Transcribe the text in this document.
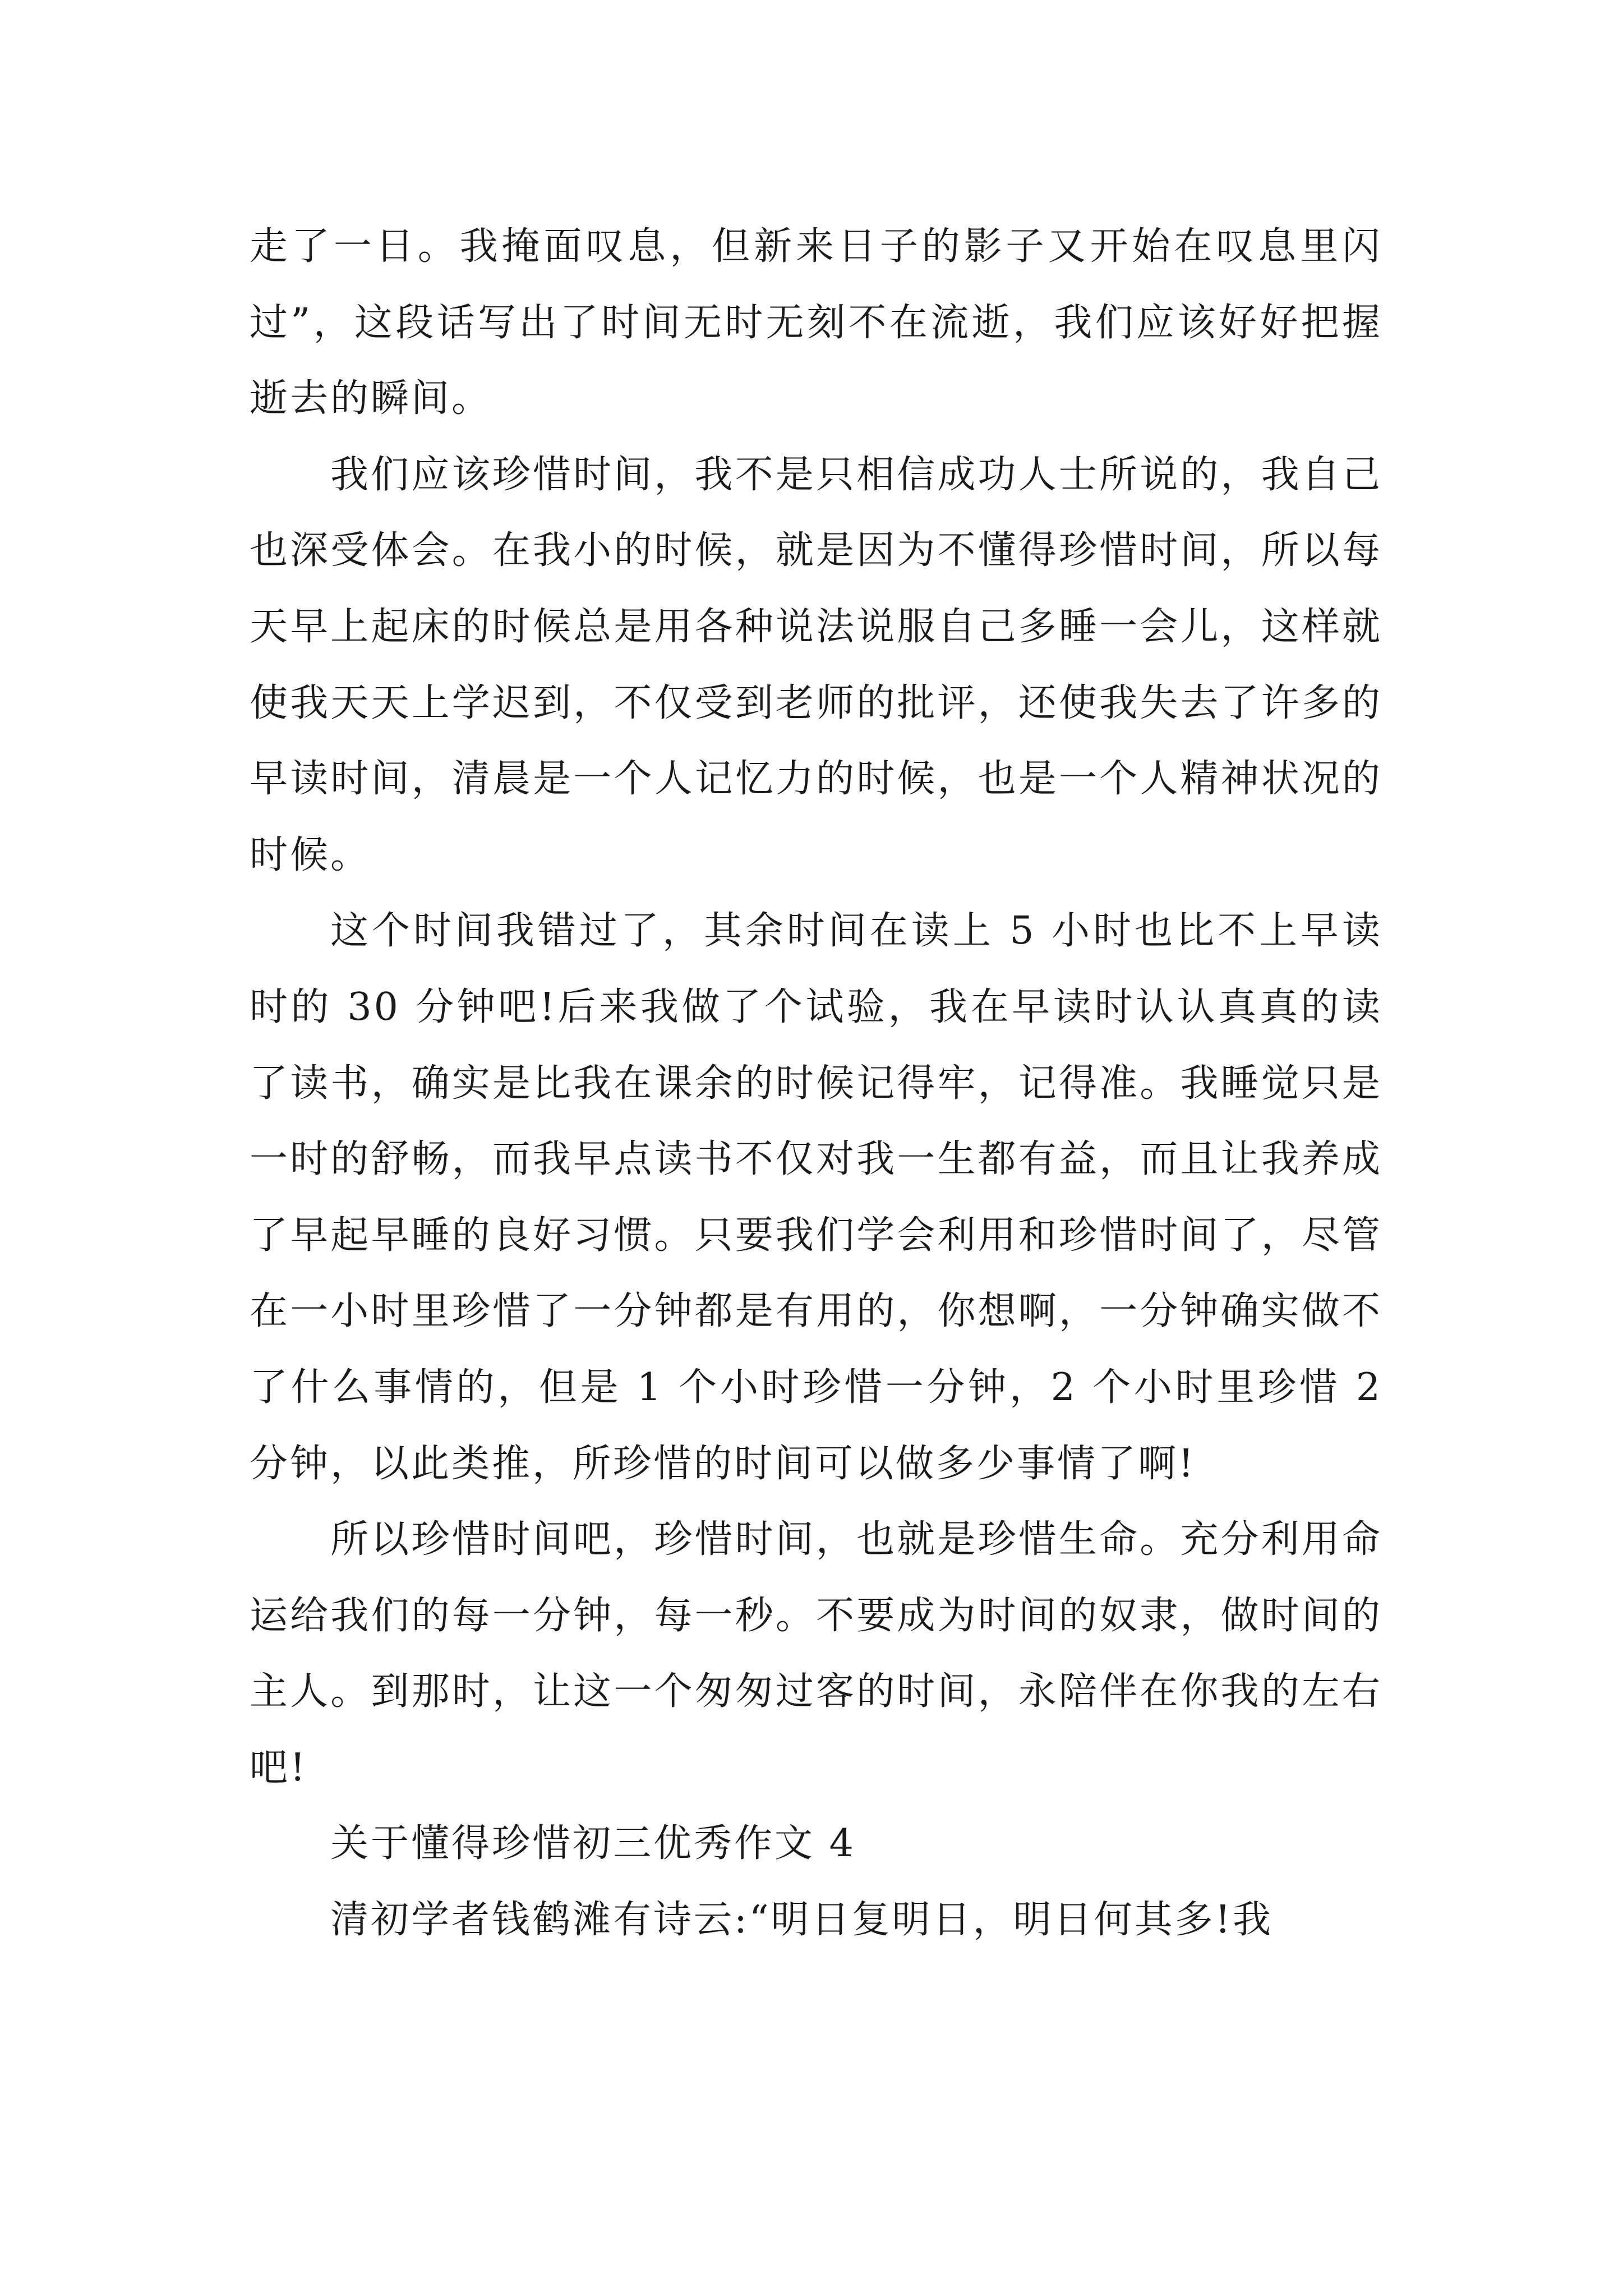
走了一日。我掩面叹息，但新来日子的影子又开始在叹息里闪过”，这段话写出了时间无时无刻不在流逝，我们应该好好把握逝去的瞬间。

我们应该珍惜时间，我不是只相信成功人士所说的，我自己也深受体会。在我小的时候，就是因为不懂得珍惜时间，所以每天早上起床的时候总是用各种说法说服自己多睡一会儿，这样就使我天天上学迟到，不仅受到老师的批评，还使我失去了许多的早读时间，清晨是一个人记忆力的时候，也是一个人精神状况的时候。

这个时间我错过了，其余时间在读上 5 小时也比不上早读时的 30 分钟吧!后来我做了个试验，我在早读时认认真真的读了读书，确实是比我在课余的时候记得牢，记得准。我睡觉只是一时的舒畅，而我早点读书不仅对我一生都有益，而且让我养成了早起早睡的良好习惯。只要我们学会利用和珍惜时间了，尽管在一小时里珍惜了一分钟都是有用的，你想啊，一分钟确实做不了什么事情的，但是 1 个小时珍惜一分钟，2 个小时里珍惜 2 分钟，以此类推，所珍惜的时间可以做多少事情了啊!

所以珍惜时间吧，珍惜时间，也就是珍惜生命。充分利用命运给我们的每一分钟，每一秒。不要成为时间的奴隶，做时间的主人。到那时，让这一个匆匆过客的时间，永陪伴在你我的左右吧!

关于懂得珍惜初三优秀作文 4

清初学者钱鹤滩有诗云:“明日复明日，明日何其多!我
